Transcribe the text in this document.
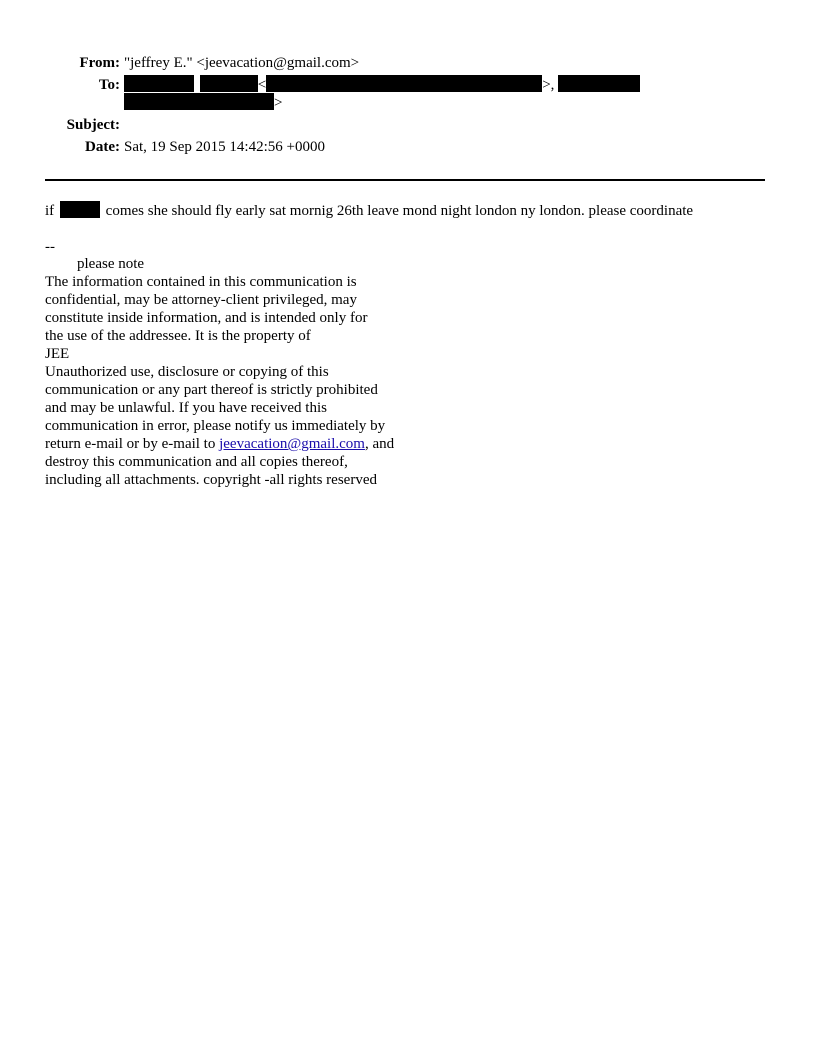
From: "jeffrey E." <jeevacation@gmail.com>
To:	<	>,
>
Subject:
Date: Sat, 19 Sep 2015 14:42:56 +0000
if	comes she should fly early sat mornig 26th leave mond night london ny london. please coordinate
--
please note
The information contained in this communication is
confidential, may be attorney-client privileged, may
constitute inside information, and is intended only for
the use of the addressee. It is the property of
JEE
Unauthorized use, disclosure or copying of this
communication or any part thereof is strictly prohibited
and may be unlawful. If you have received this
communication in error, please notify us immediately by
return e-mail or by e-mail to jeevacation@gmail.com, and
destroy this communication and all copies thereof,
including all attachments. copyright -all rights reserved
